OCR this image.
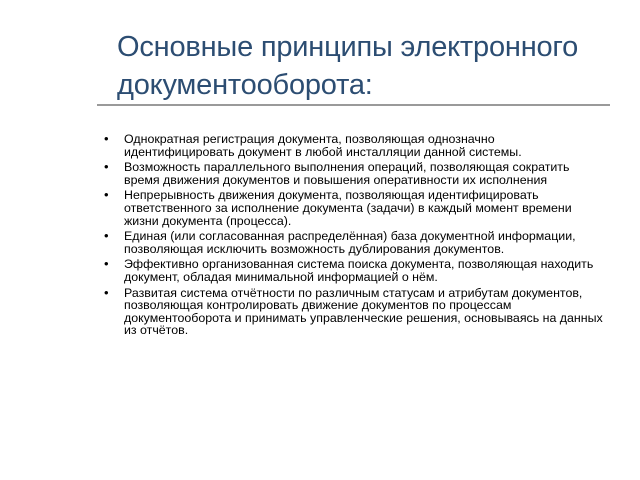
Основные принципы электронного документооборота:
• Однократная регистрация документа, позволяющая однозначно идентифицировать документ в любой инсталляции данной системы.
• Возможность параллельного выполнения операций, позволяющая сократить время движения документов и повышения оперативности их исполнения
• Непрерывность движения документа, позволяющая идентифицировать ответственного за исполнение документа (задачи) в каждый момент времени жизни документа (процесса).
• Единая (или согласованная распределённая) база документной информации, позволяющая исключить возможность дублирования документов.
• Эффективно организованная система поиска документа, позволяющая находить документ, обладая минимальной информацией о нём.
• Развитая система отчётности по различным статусам и атрибутам документов, позволяющая контролировать движение документов по процессам документооборота и принимать управленческие решения, основываясь на данных из отчётов.
